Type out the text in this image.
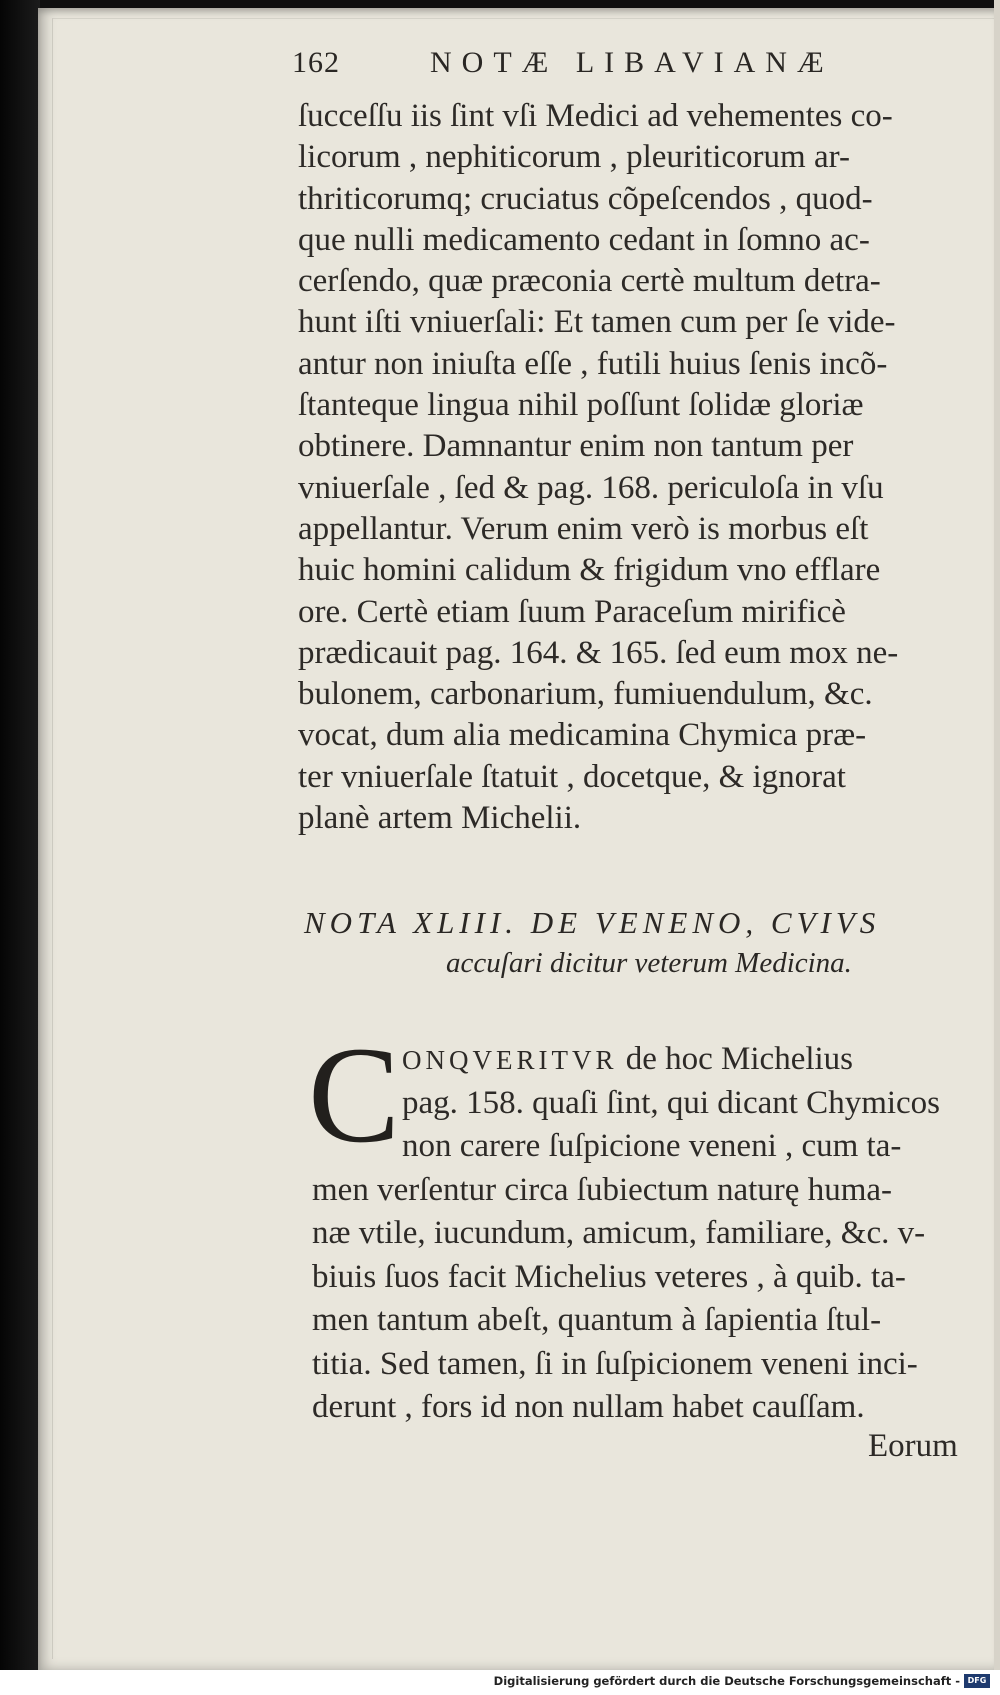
162	NOTÆ LIBAVIANÆ
ſucceſſu iis ſint vſi Medici ad vehementes co-
licorum , nephiticorum , pleuriticorum ar-
thriticorumq; cruciatus cõpeſcendos , quod-
que nulli medicamento cedant in ſomno ac-
cerſendo, quæ præconia certè multum detra-
hunt iſti vniuerſali: Et tamen cum per ſe vide-
antur non iniuſta eſſe , futili huius ſenis incõ-
ſtanteque lingua nihil poſſunt ſolidæ gloriæ
obtinere. Damnantur enim non tantum per
vniuerſale , ſed & pag. 168. periculoſa in vſu
appellantur. Verum enim verò is morbus eſt
huic homini calidum & frigidum vno efflare
ore. Certè etiam ſuum Paraceſum mirificè
prædicauit pag. 164. & 165. ſed eum mox ne-
bulonem, carbonarium, fumiuendulum, &c.
vocat, dum alia medicamina Chymica præ-
ter vniuerſale ſtatuit , docetque, & ignorat
planè artem Michelii.
NOTA XLIII. DE VENENO, CVIVS
accuſari dicitur veterum Medicina.
C ONQVERITVR de hoc Michelius
pag. 158. quaſi ſint, qui dicant Chymicos
non carere ſuſpicione veneni , cum ta-
men verſentur circa ſubiectum naturę huma-
næ vtile, iucundum, amicum, familiare, &c. v-
biuis ſuos facit Michelius veteres , à quib. ta-
men tantum abeſt, quantum à ſapientia ſtul-
titia. Sed tamen, ſi in ſuſpicionem veneni inci-
derunt , fors id non nullam habet cauſſam.
Eorum
Digitalisierung gefördert durch die Deutsche Forschungsgemeinschaft - DFG
